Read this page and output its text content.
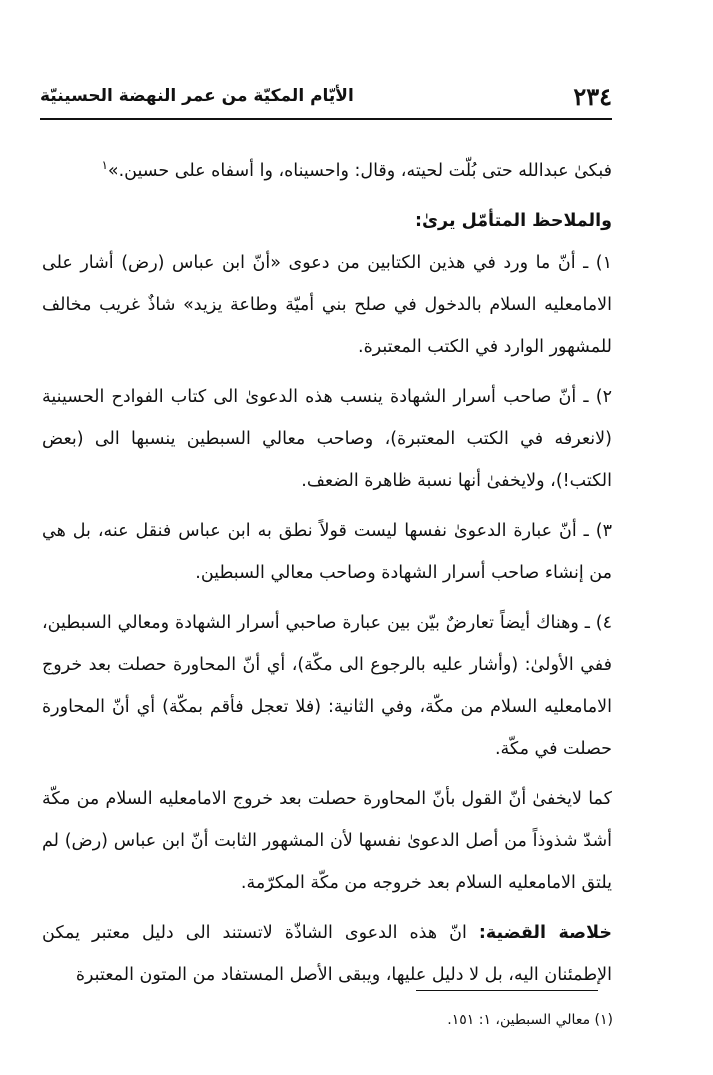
٢٣٤
الأيّام المكيّة من عمر النهضة الحسينيّة

فبكىٰ عبدالله حتى بُلّت لحيته، وقال: واحسيناه، وا أسفاه على حسين.»$^١$

والملاحظ المتأمّل يرىٰ:

١) ـ أنّ ما ورد في هذين الكتابين من دعوى «أنّ ابن عباس (رض) أشار على الامامعليه السلام بالدخول في صلح بني أميّة وطاعة يزيد» شاذٌ غريب مخالف للمشهور الوارد في الكتب المعتبرة.

٢) ـ أنّ صاحب أسرار الشهادة ينسب هذه الدعوىٰ الى كتاب الفوادح الحسينية (لانعرفه في الكتب المعتبرة)، وصاحب معالي السبطين ينسبها الى (بعض الكتب!)، ولايخفىٰ أنها نسبة ظاهرة الضعف.

٣) ـ أنّ عبارة الدعوىٰ نفسها ليست قولاً نطق به ابن عباس فنقل عنه، بل هي من إنشاء صاحب أسرار الشهادة وصاحب معالي السبطين.

٤) ـ وهناك أيضاً تعارضٌ بيّن بين عبارة صاحبي أسرار الشهادة ومعالي السبطين، ففي الأولىٰ: (وأشار عليه بالرجوع الى مكّة)، أي أنّ المحاورة حصلت بعد خروج الامامعليه السلام من مكّة، وفي الثانية: (فلا تعجل فأقم بمكّة) أي أنّ المحاورة حصلت في مكّة.

كما لايخفىٰ أنّ القول بأنّ المحاورة حصلت بعد خروج الامامعليه السلام من مكّة أشدّ شذوذاً من أصل الدعوىٰ نفسها لأن المشهور الثابت أنّ ابن عباس (رض) لم يلتق الامامعليه السلام بعد خروجه من مكّة المكرّمة.

خلاصة القضية: انّ هذه الدعوى الشاذّة لاتستند الى دليل معتبر يمكن الإطمئنان اليه، بل لا دليل عليها، ويبقى الأصل المستفاد من المتون المعتبرة

(١) معالي السبطين، ١: ١٥١.
